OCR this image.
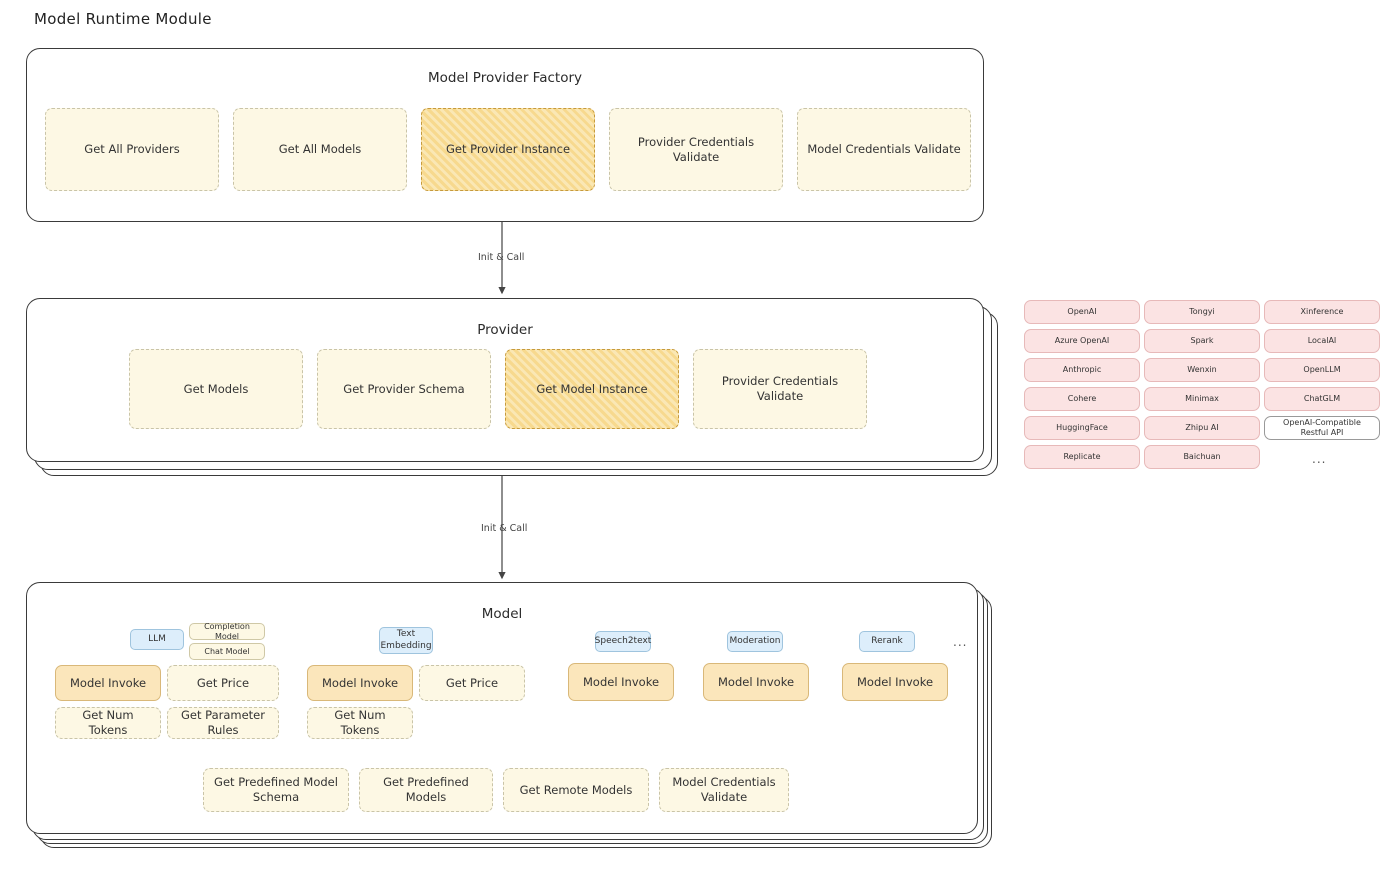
Model Runtime Module
Init & Call
Init & Call
Model Provider Factory
Get All Providers	Get All Models	Get Provider Instance
Provider Credentials Validate
Model Credentials Validate
Provider
Get Models	Get Provider Schema	Get Model Instance
Provider Credentials Validate
OpenAI
Azure OpenAI
Anthropic
Cohere
HuggingFace
Replicate
Tongyi
Spark
Wenxin
Minimax
Zhipu AI
Baichuan
Xinference
LocalAI
OpenLLM
ChatGLM
OpenAI-Compatible Restful API
...
Model
LLM
Completion Model
Chat Model
Text Embedding	Speech2text	Moderation	Rerank	...
Model Invoke	Get Price
Get Num Tokens
Get Parameter Rules
Model Invoke	Get Price
Get Num Tokens
Model Invoke	Model Invoke	Model Invoke
Get Predefined Model Schema
Get Predefined Models
Get Remote Models
Model Credentials Validate
